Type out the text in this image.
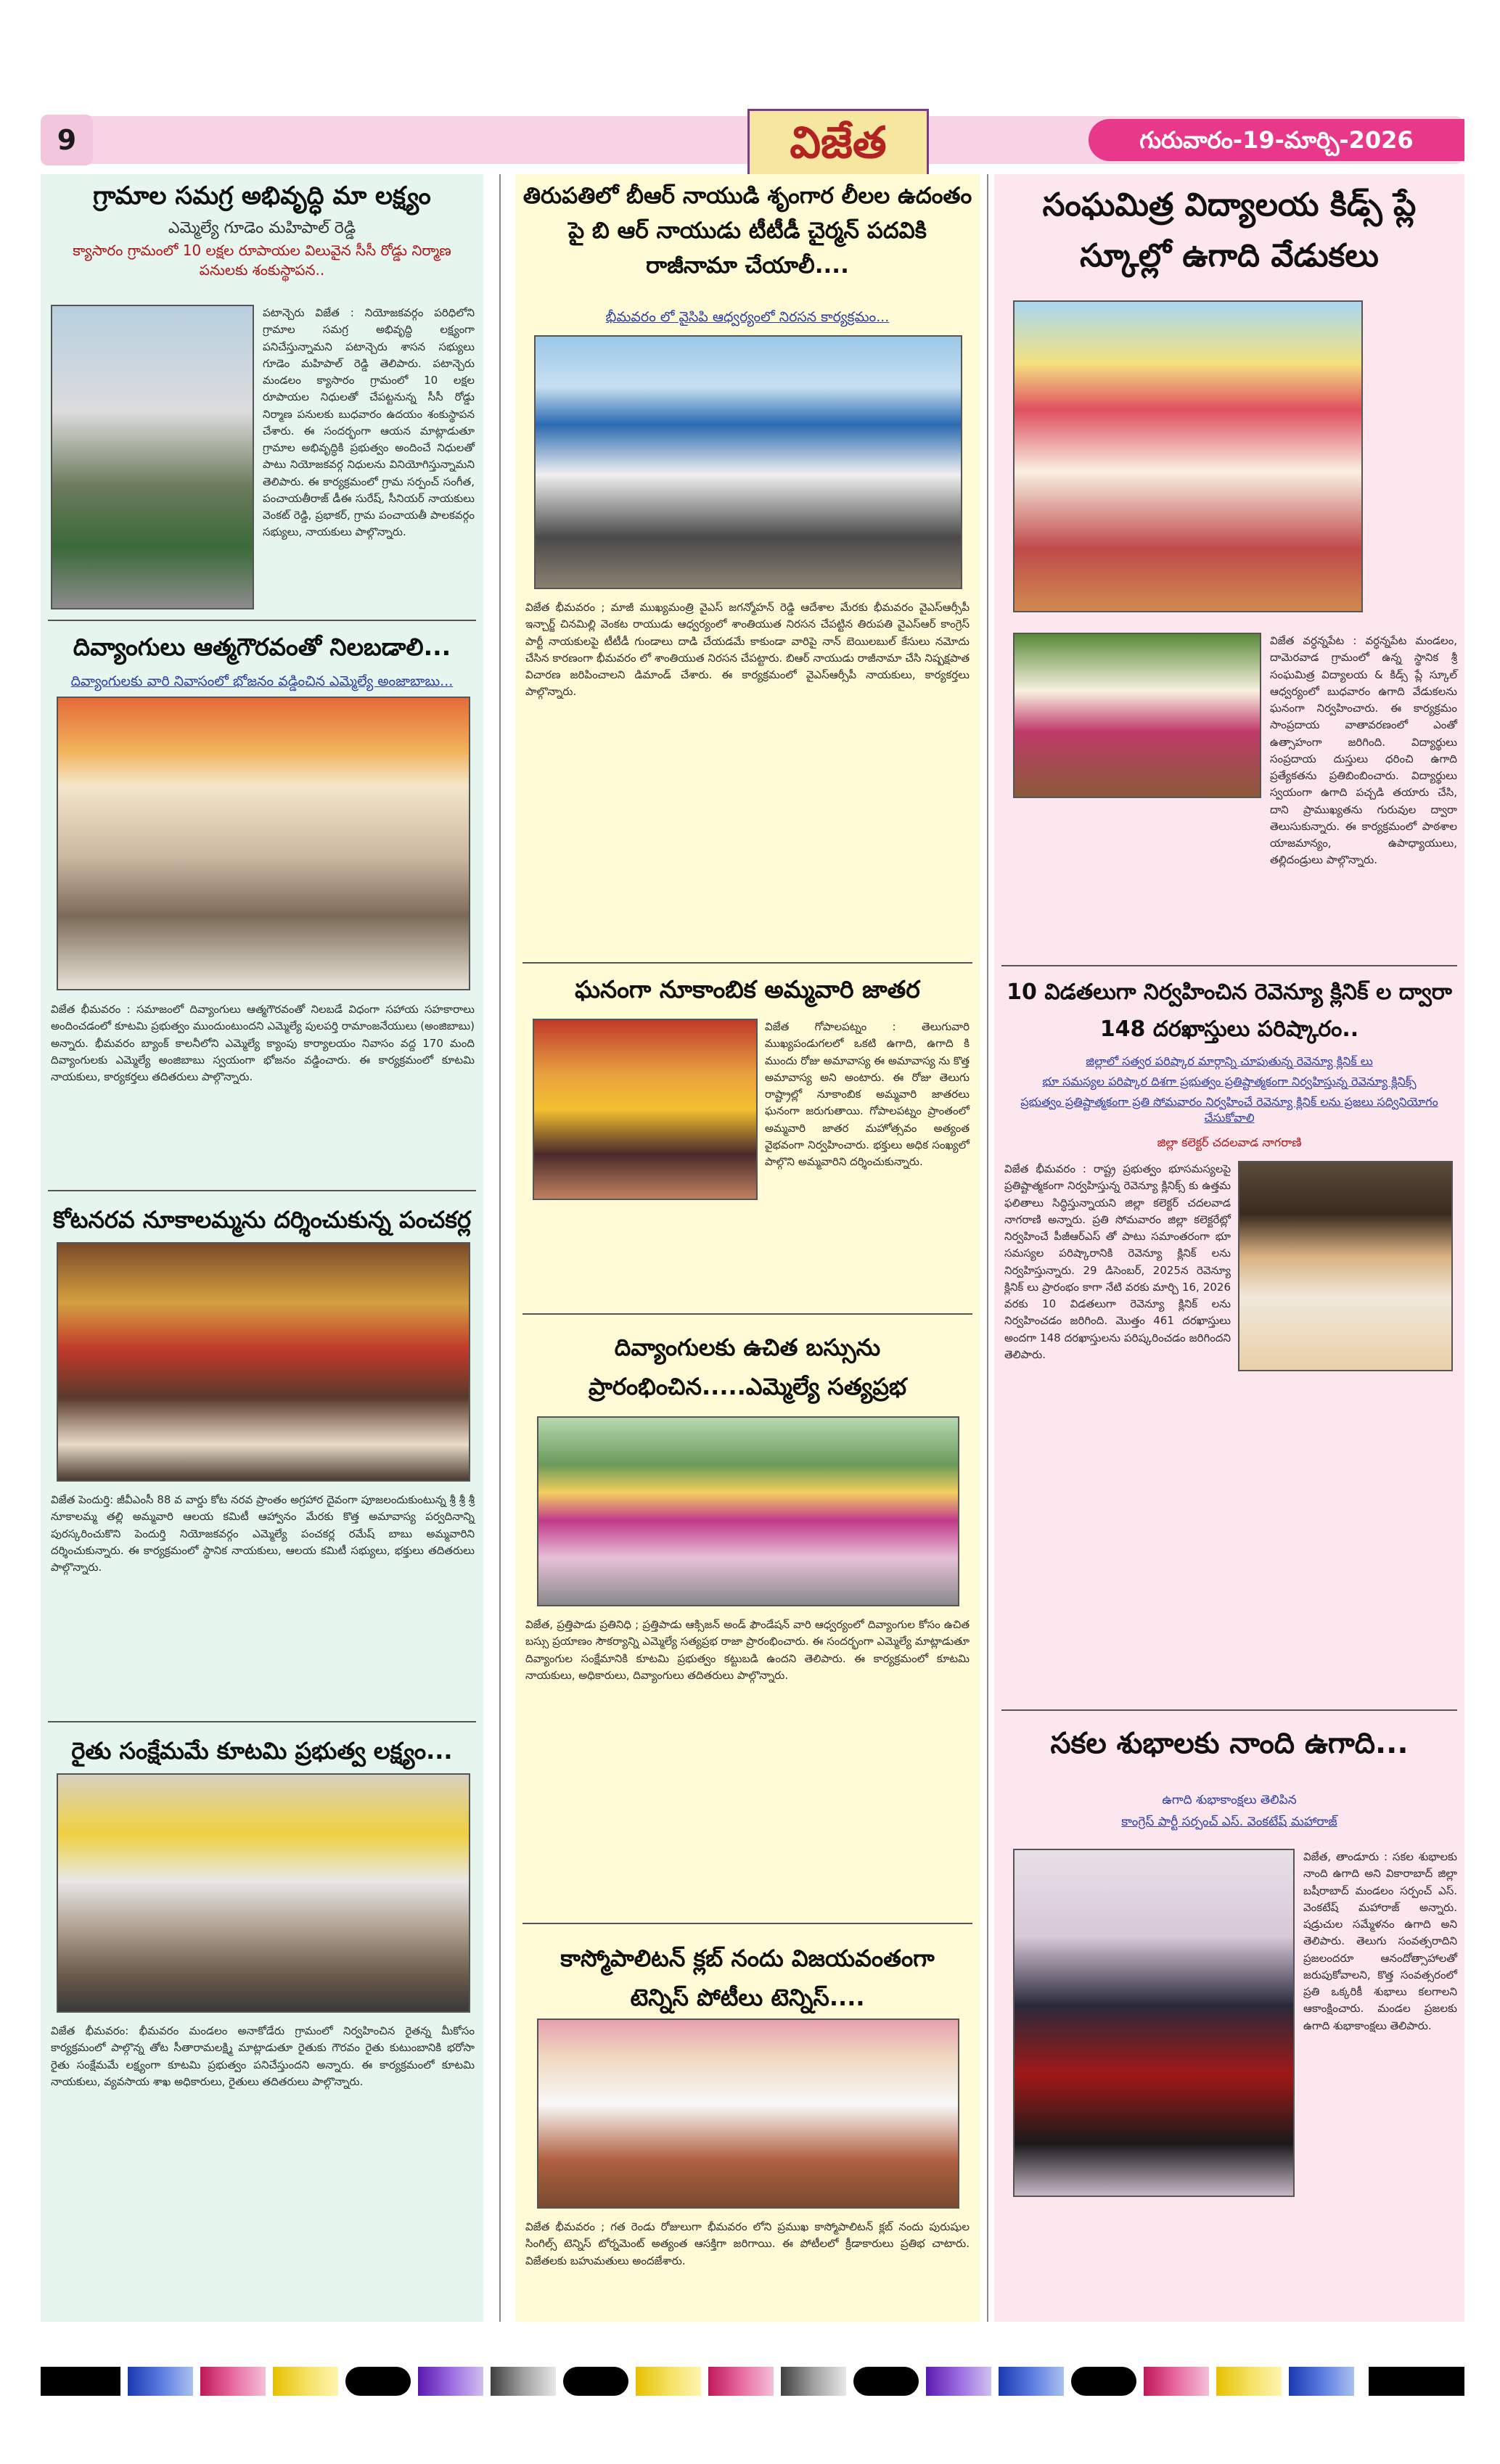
9	విజేత	గురువారం-19-మార్చి-2026
గ్రామాల సమగ్ర అభివృద్ధి మా లక్ష్యం
ఎమ్మెల్యే గూడెం మహిపాల్ రెడ్డి
క్యాసారం గ్రామంలో 10 లక్షల రూపాయల విలువైన సీసీ రోడ్డు నిర్మాణ పనులకు శంకుస్థాపన..
పటాన్చెరు విజేత : నియోజకవర్గం పరిధిలోని గ్రామాల సమగ్ర అభివృద్ధి లక్ష్యంగా పనిచేస్తున్నామని పటాన్చెరు శాసన సభ్యులు గూడెం మహిపాల్ రెడ్డి తెలిపారు. పటాన్చెరు మండలం క్యాసారం గ్రామంలో 10 లక్షల రూపాయల నిధులతో చేపట్టనున్న సీసీ రోడ్డు నిర్మాణ పనులకు బుధవారం ఉదయం శంకుస్థాపన చేశారు. ఈ సందర్భంగా ఆయన మాట్లాడుతూ గ్రామాల అభివృద్ధికి ప్రభుత్వం అందించే నిధులతో పాటు నియోజకవర్గ నిధులను వినియోగిస్తున్నామని తెలిపారు. ఈ కార్యక్రమంలో గ్రామ సర్పంచ్ సంగీత, పంచాయతీరాజ్ డీఈ సురేష్, సీనియర్ నాయకులు వెంకట్ రెడ్డి, ప్రభాకర్, గ్రామ పంచాయతీ పాలకవర్గం సభ్యులు, నాయకులు పాల్గొన్నారు.
దివ్యాంగులు ఆత్మగౌరవంతో నిలబడాలి...
దివ్యాంగులకు వారి నివాసంలో భోజనం వడ్డించిన ఎమ్మెల్యే అంజాబాబు...
విజేత భీమవరం : సమాజంలో దివ్యాంగులు ఆత్మగౌరవంతో నిలబడే విధంగా సహాయ సహకారాలు అందించడంలో కూటమి ప్రభుత్వం ముందుంటుందని ఎమ్మెల్యే పులపర్తి రామాంజనేయులు (అంజిబాబు) అన్నారు. భీమవరం బ్యాంక్ కాలనీలోని ఎమ్మెల్యే క్యాంపు కార్యాలయం నివాసం వద్ద 170 మంది దివ్యాంగులకు ఎమ్మెల్యే అంజిబాబు స్వయంగా భోజనం వడ్డించారు. ఈ కార్యక్రమంలో కూటమి నాయకులు, కార్యకర్తలు తదితరులు పాల్గొన్నారు.
కోటనరవ నూకాలమ్మను దర్శించుకున్న పంచకర్ల
విజేత పెందుర్తి: జీవీఎంసీ 88 వ వార్డు కోట నరవ ప్రాంతం అగ్రహార దైవంగా పూజలందుకుంటున్న శ్రీ శ్రీ శ్రీ నూకాలమ్మ తల్లి అమ్మవారి ఆలయ కమిటీ ఆహ్వానం మేరకు కొత్త అమావాస్య పర్వదినాన్ని పురస్కరించుకొని పెందుర్తి నియోజకవర్గం ఎమ్మెల్యే పంచకర్ల రమేష్ బాబు అమ్మవారిని దర్శించుకున్నారు. ఈ కార్యక్రమంలో స్థానిక నాయకులు, ఆలయ కమిటీ సభ్యులు, భక్తులు తదితరులు పాల్గొన్నారు.
రైతు సంక్షేమమే కూటమి ప్రభుత్వ లక్ష్యం...
విజేత భీమవరం: భీమవరం మండలం అనాకోడేరు గ్రామంలో నిర్వహించిన రైతన్న మీకోసం కార్యక్రమంలో పాల్గొన్న తోట సీతారామలక్ష్మి మాట్లాడుతూ రైతుకు గౌరవం రైతు కుటుంబానికి భరోసా రైతు సంక్షేమమే లక్ష్యంగా కూటమి ప్రభుత్వం పనిచేస్తుందని అన్నారు. ఈ కార్యక్రమంలో కూటమి నాయకులు, వ్యవసాయ శాఖ అధికారులు, రైతులు తదితరులు పాల్గొన్నారు.
తిరుపతిలో బీఆర్ నాయుడి శృంగార లీలల ఉదంతం పై బి ఆర్ నాయుడు టీటీడీ చైర్మన్ పదవికి రాజీనామా చేయాలీ....
భీమవరం లో వైసిపి ఆధ్వర్యంలో నిరసన కార్యక్రమం...
విజేత భీమవరం ; మాజీ ముఖ్యమంత్రి వైఎస్ జగన్మోహన్ రెడ్డి ఆదేశాల మేరకు భీమవరం వైఎస్ఆర్సీపీ ఇన్చార్జ్ చినమిల్లి వెంకట రాయుడు ఆధ్వర్యంలో శాంతియుత నిరసన చేపట్టిన తిరుపతి వైఎస్ఆర్ కాంగ్రెస్ పార్టీ నాయకులపై టీటీడీ గుండాలు దాడి చేయడమే కాకుండా వారిపై నాన్ బెయిలబుల్ కేసులు నమోదు చేసిన కారణంగా భీమవరం లో శాంతియుత నిరసన చేపట్టారు. బిఆర్ నాయుడు రాజీనామా చేసి నిష్పక్షపాత విచారణ జరిపించాలని డిమాండ్ చేశారు. ఈ కార్యక్రమంలో వైఎస్ఆర్సీపీ నాయకులు, కార్యకర్తలు పాల్గొన్నారు.
ఘనంగా నూకాంబిక అమ్మవారి జాతర
విజేత గోపాలపట్నం : తెలుగువారి ముఖ్యపండుగలలో ఒకటి ఉగాది, ఉగాది కి ముందు రోజు అమావాస్య ఈ అమావాస్య ను కొత్త అమావాస్య అని అంటారు. ఈ రోజు తెలుగు రాష్ట్రాల్లో నూకాంబిక అమ్మవారి జాతరలు ఘనంగా జరుగుతాయి. గోపాలపట్నం ప్రాంతంలో అమ్మవారి జాతర మహోత్సవం అత్యంత వైభవంగా నిర్వహించారు. భక్తులు అధిక సంఖ్యలో పాల్గొని అమ్మవారిని దర్శించుకున్నారు.
దివ్యాంగులకు ఉచిత బస్సును ప్రారంభించిన.....ఎమ్మెల్యే సత్యప్రభ
విజేత, ప్రత్తిపాడు ప్రతినిధి ; ప్రత్తిపాడు ఆక్సిజన్ అండ్ ఫౌండేషన్ వారి ఆధ్వర్యంలో దివ్యాంగుల కోసం ఉచిత బస్సు ప్రయాణం సౌకర్యాన్ని ఎమ్మెల్యే సత్యప్రభ రాజా ప్రారంభించారు. ఈ సందర్భంగా ఎమ్మెల్యే మాట్లాడుతూ దివ్యాంగుల సంక్షేమానికి కూటమి ప్రభుత్వం కట్టుబడి ఉందని తెలిపారు. ఈ కార్యక్రమంలో కూటమి నాయకులు, అధికారులు, దివ్యాంగులు తదితరులు పాల్గొన్నారు.
కాస్మోపాలిటన్ క్లబ్ నందు విజయవంతంగా టెన్నిస్ పోటీలు టెన్నిస్....
విజేత భీమవరం ; గత రెండు రోజులుగా భీమవరం లోని ప్రముఖ కాస్మోపాలిటన్ క్లబ్ నందు పురుషుల సింగిల్స్ టెన్నిస్ టోర్నమెంట్ అత్యంత ఆసక్తిగా జరిగాయి. ఈ పోటీలలో క్రీడాకారులు ప్రతిభ చాటారు. విజేతలకు బహుమతులు అందజేశారు.
సంఘమిత్ర విద్యాలయ కిడ్స్ ప్లే స్కూల్లో ఉగాది వేడుకలు
విజేత వర్ధన్నపేట : వర్ధన్నపేట మండలం, దామెరవాడ గ్రామంలో ఉన్న స్థానిక శ్రీ సంఘమిత్ర విద్యాలయ & కిడ్స్ ప్లే స్కూల్ ఆధ్వర్యంలో బుధవారం ఉగాది వేడుకలను ఘనంగా నిర్వహించారు. ఈ కార్యక్రమం సాంప్రదాయ వాతావరణంలో ఎంతో ఉత్సాహంగా జరిగింది. విద్యార్థులు సంప్రదాయ దుస్తులు ధరించి ఉగాది ప్రత్యేకతను ప్రతిబింబించారు. విద్యార్థులు స్వయంగా ఉగాది పచ్చడి తయారు చేసి, దాని ప్రాముఖ్యతను గురువుల ద్వారా తెలుసుకున్నారు. ఈ కార్యక్రమంలో పాఠశాల యాజమాన్యం, ఉపాధ్యాయులు, తల్లిదండ్రులు పాల్గొన్నారు.
10 విడతలుగా నిర్వహించిన రెవెన్యూ క్లినిక్ ల ద్వారా 148 దరఖాస్తులు పరిష్కారం..
జిల్లాలో సత్వర పరిష్కార మార్గాన్ని చూపుతున్న రెవెన్యూ క్లినిక్ లు
భూ సమస్యల పరిష్కార దిశగా ప్రభుత్వం ప్రతిష్టాత్మకంగా నిర్వహిస్తున్న రెవెన్యూ క్లినిక్స్
ప్రభుత్వం ప్రతిష్టాత్మకంగా ప్రతి సోమవారం నిర్వహించే రెవెన్యూ క్లినిక్ లను ప్రజలు సద్వినియోగం చేసుకోవాలి
జిల్లా కలెక్టర్ చదలవాడ నాగరాణి
విజేత భీమవరం : రాష్ట్ర ప్రభుత్వం భూసమస్యలపై ప్రతిష్టాత్మకంగా నిర్వహిస్తున్న రెవెన్యూ క్లినిక్స్ కు ఉత్తమ ఫలితాలు సిద్ధిస్తున్నాయని జిల్లా కలెక్టర్ చదలవాడ నాగరాణి అన్నారు. ప్రతి సోమవారం జిల్లా కలెక్టరేట్లో నిర్వహించే పీజీఆర్ఎస్ తో పాటు సమాంతరంగా భూ సమస్యల పరిష్కారానికి రెవెన్యూ క్లినిక్ లను నిర్వహిస్తున్నారు. 29 డిసెంబర్, 2025న రెవెన్యూ క్లినిక్ లు ప్రారంభం కాగా నేటి వరకు మార్చి 16, 2026 వరకు 10 విడతలుగా రెవెన్యూ క్లినిక్ లను నిర్వహించడం జరిగింది. మొత్తం 461 దరఖాస్తులు అందగా 148 దరఖాస్తులను పరిష్కరించడం జరిగిందని తెలిపారు.
సకల శుభాలకు నాంది ఉగాది...
ఉగాది శుభాకాంక్షలు తెలిపిన
కాంగ్రెస్ పార్టీ సర్పంచ్ ఎస్. వెంకటేష్ మహారాజ్
విజేత, తాండూరు : సకల శుభాలకు నాంది ఉగాది అని వికారాబాద్ జిల్లా బషీరాబాద్ మండలం సర్పంచ్ ఎస్. వెంకటేష్ మహారాజ్ అన్నారు. షడ్రుచుల సమ్మేళనం ఉగాది అని తెలిపారు. తెలుగు సంవత్సరాదిని ప్రజలందరూ ఆనందోత్సాహాలతో జరుపుకోవాలని, కొత్త సంవత్సరంలో ప్రతి ఒక్కరికీ శుభాలు కలగాలని ఆకాంక్షించారు. మండల ప్రజలకు ఉగాది శుభాకాంక్షలు తెలిపారు.
